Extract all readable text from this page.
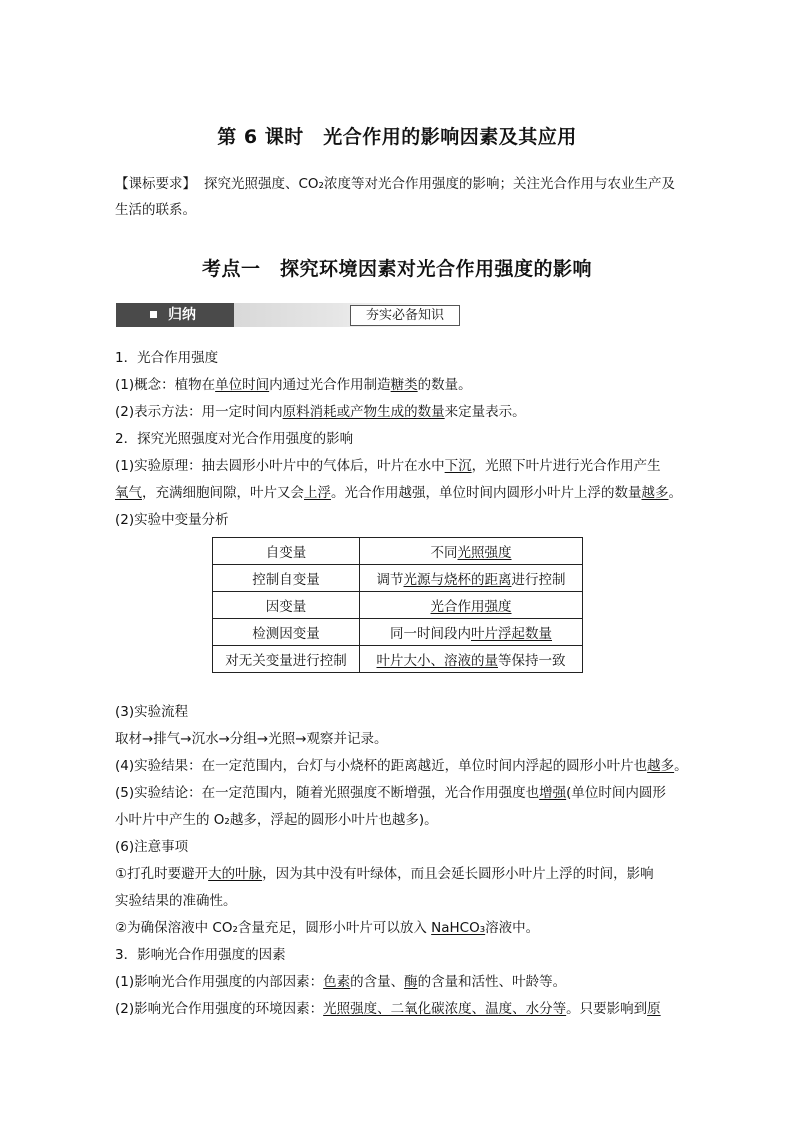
第 6 课时　光合作用的影响因素及其应用
【课标要求】 探究光照强度、CO₂浓度等对光合作用强度的影响；关注光合作用与农业生产及
生活的联系。
考点一　探究环境因素对光合作用强度的影响
归纳	夯实必备知识
1．光合作用强度
(1)概念：植物在单位时间内通过光合作用制造糖类的数量。
(2)表示方法：用一定时间内原料消耗或产物生成的数量来定量表示。
2．探究光照强度对光合作用强度的影响
(1)实验原理：抽去圆形小叶片中的气体后，叶片在水中下沉，光照下叶片进行光合作用产生
氧气，充满细胞间隙，叶片又会上浮。光合作用越强，单位时间内圆形小叶片上浮的数量越多。
(2)实验中变量分析
自变量	不同光照强度
控制自变量	调节光源与烧杯的距离进行控制
因变量	光合作用强度
检测因变量	同一时间段内叶片浮起数量
对无关变量进行控制	叶片大小、溶液的量等保持一致
(3)实验流程
取材→排气→沉水→分组→光照→观察并记录。
(4)实验结果：在一定范围内，台灯与小烧杯的距离越近，单位时间内浮起的圆形小叶片也越多。
(5)实验结论：在一定范围内，随着光照强度不断增强，光合作用强度也增强(单位时间内圆形
小叶片中产生的 O₂越多，浮起的圆形小叶片也越多)。
(6)注意事项
①打孔时要避开大的叶脉，因为其中没有叶绿体，而且会延长圆形小叶片上浮的时间，影响
实验结果的准确性。
②为确保溶液中 CO₂含量充足，圆形小叶片可以放入 NaHCO₃溶液中。
3．影响光合作用强度的因素
(1)影响光合作用强度的内部因素：色素的含量、酶的含量和活性、叶龄等。
(2)影响光合作用强度的环境因素：光照强度、二氧化碳浓度、温度、水分等。只要影响到原
